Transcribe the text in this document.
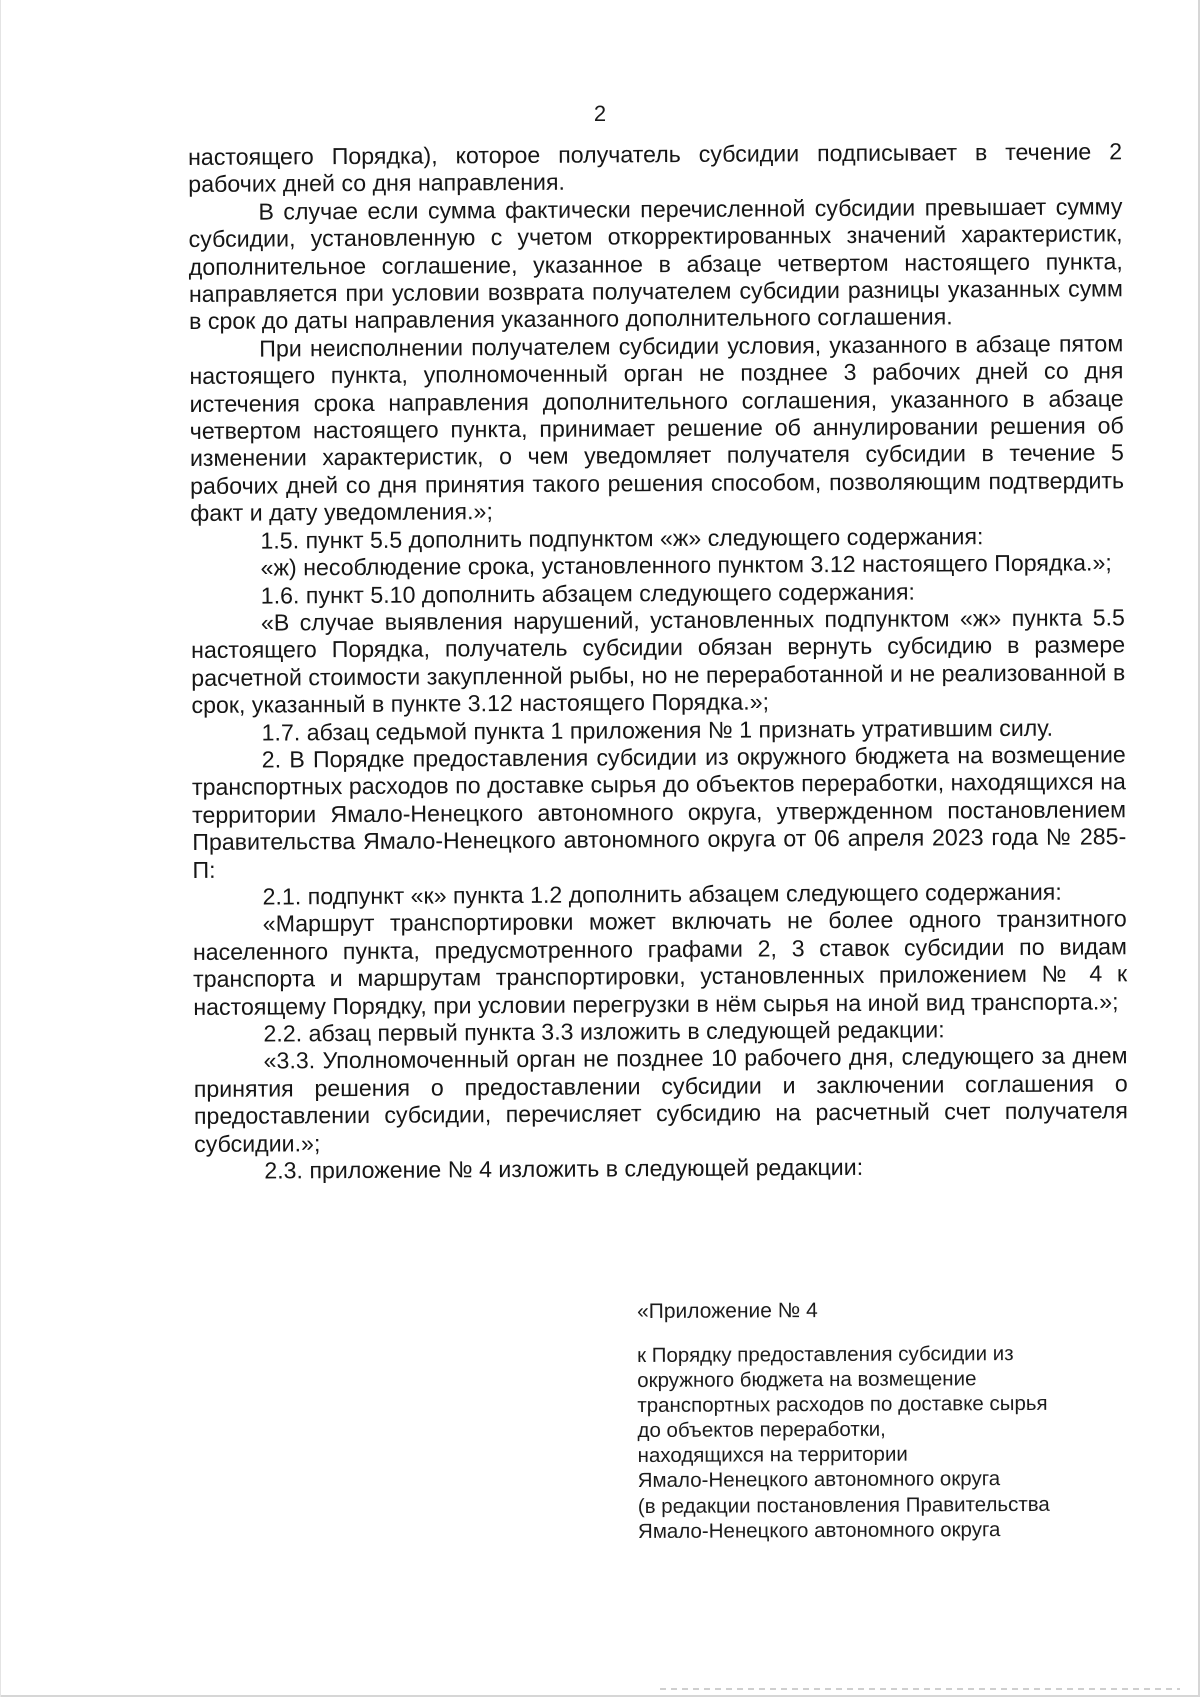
2

настоящего Порядка), которое получатель субсидии подписывает в течение 2 рабочих дней со дня направления.

В случае если сумма фактически перечисленной субсидии превышает сумму субсидии, установленную с учетом откорректированных значений характеристик, дополнительное соглашение, указанное в абзаце четвертом настоящего пункта, направляется при условии возврата получателем субсидии разницы указанных сумм в срок до даты направления указанного дополнительного соглашения.

При неисполнении получателем субсидии условия, указанного в абзаце пятом настоящего пункта, уполномоченный орган не позднее 3 рабочих дней со дня истечения срока направления дополнительного соглашения, указанного в абзаце четвертом настоящего пункта, принимает решение об аннулировании решения об изменении характеристик, о чем уведомляет получателя субсидии в течение 5 рабочих дней со дня принятия такого решения способом, позволяющим подтвердить факт и дату уведомления.»;

1.5. пункт 5.5 дополнить подпунктом «ж» следующего содержания:

«ж) несоблюдение срока, установленного пунктом 3.12 настоящего Порядка.»;

1.6. пункт 5.10 дополнить абзацем следующего содержания:

«В случае выявления нарушений, установленных подпунктом «ж» пункта 5.5 настоящего Порядка, получатель субсидии обязан вернуть субсидию в размере расчетной стоимости закупленной рыбы, но не переработанной и не реализованной в срок, указанный в пункте 3.12 настоящего Порядка.»;

1.7. абзац седьмой пункта 1 приложения № 1 признать утратившим силу.

2. В Порядке предоставления субсидии из окружного бюджета на возмещение транспортных расходов по доставке сырья до объектов переработки, находящихся на территории Ямало-Ненецкого автономного округа, утвержденном постановлением Правительства Ямало-Ненецкого автономного округа от 06 апреля 2023 года № 285-П:

2.1. подпункт «к» пункта 1.2 дополнить абзацем следующего содержания:

«Маршрут транспортировки может включать не более одного транзитного населенного пункта, предусмотренного графами 2, 3 ставок субсидии по видам транспорта и маршрутам транспортировки, установленных приложением № 4 к настоящему Порядку, при условии перегрузки в нём сырья на иной вид транспорта.»;

2.2. абзац первый пункта 3.3 изложить в следующей редакции:

«3.3. Уполномоченный орган не позднее 10 рабочего дня, следующего за днем принятия решения о предоставлении субсидии и заключении соглашения о предоставлении субсидии, перечисляет субсидию на расчетный счет получателя субсидии.»;

2.3. приложение № 4 изложить в следующей редакции:

«Приложение № 4
к Порядку предоставления субсидии из
окружного бюджета на возмещение
транспортных расходов по доставке сырья
до объектов переработки,
находящихся на территории
Ямало-Ненецкого автономного округа
(в редакции постановления Правительства
Ямало-Ненецкого автономного округа
